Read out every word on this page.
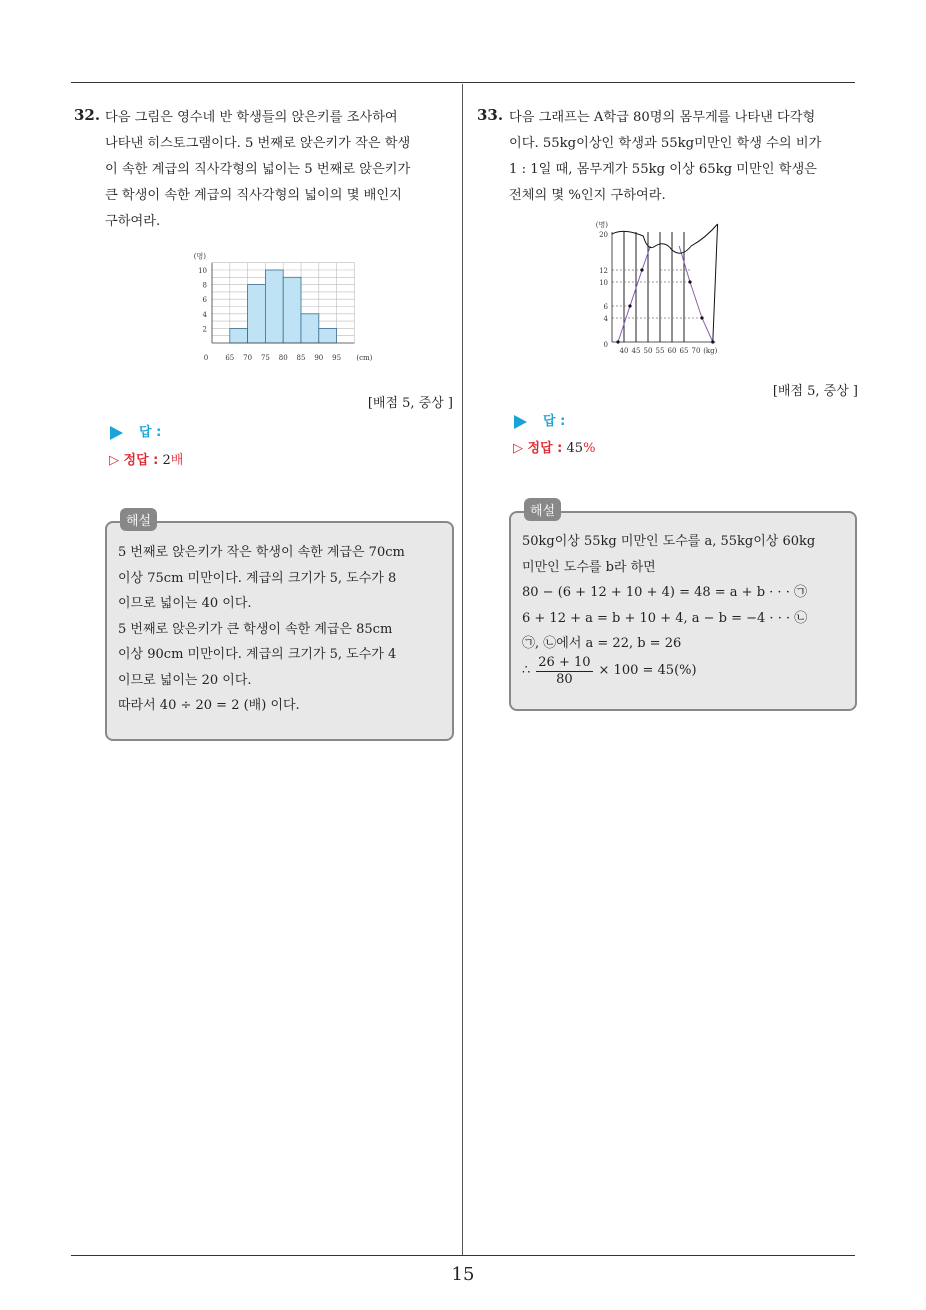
15
32. 다음 그림은 영수네 반 학생들의 앉은키를 조사하여
나타낸 히스토그램이다. 5 번째로 앉은키가 작은 학생
이 속한 계급의 직사각형의 넓이는 5 번째로 앉은키가
큰 학생이 속한 계급의 직사각형의 넓이의 몇 배인지
구하여라.
2
4
6
8
10
(명)
0 65 70 75 80 85 90 95 (cm)
[배점 5, 중상 ]
답 :
▷ 정답 : 2배
해설
5 번째로 앉은키가 작은 학생이 속한 계급은 70cm
이상 75cm 미만이다. 계급의 크기가 5, 도수가 8
이므로 넓이는 40 이다.
5 번째로 앉은키가 큰 학생이 속한 계급은 85cm
이상 90cm 미만이다. 계급의 크기가 5, 도수가 4
이므로 넓이는 20 이다.
따라서 40 ÷ 20 = 2 (배) 이다.
33. 다음 그래프는 A학급 80명의 몸무게를 나타낸 다각형
이다. 55kg이상인 학생과 55kg미만인 학생 수의 비가
1 : 1일 때, 몸무게가 55kg 이상 65kg 미만인 학생은
전체의 몇 %인지 구하여라.
0
4
6
10
12
20
(명)
40 45 50 55 60 65 70 (kg)
[배점 5, 중상 ]
답 :
▷ 정답 : 45%
해설
50kg이상 55kg 미만인 도수를 a, 55kg이상 60kg
미만인 도수를 b라 하면
80 − (6 + 12 + 10 + 4) = 48 = a + b · · · ㉠
6 + 12 + a = b + 10 + 4, a − b = −4 · · · ㉡
㉠, ㉡에서 a = 22, b = 26
∴ $\frac{26 + 10}{80} \times 100 = 45(\%)$
